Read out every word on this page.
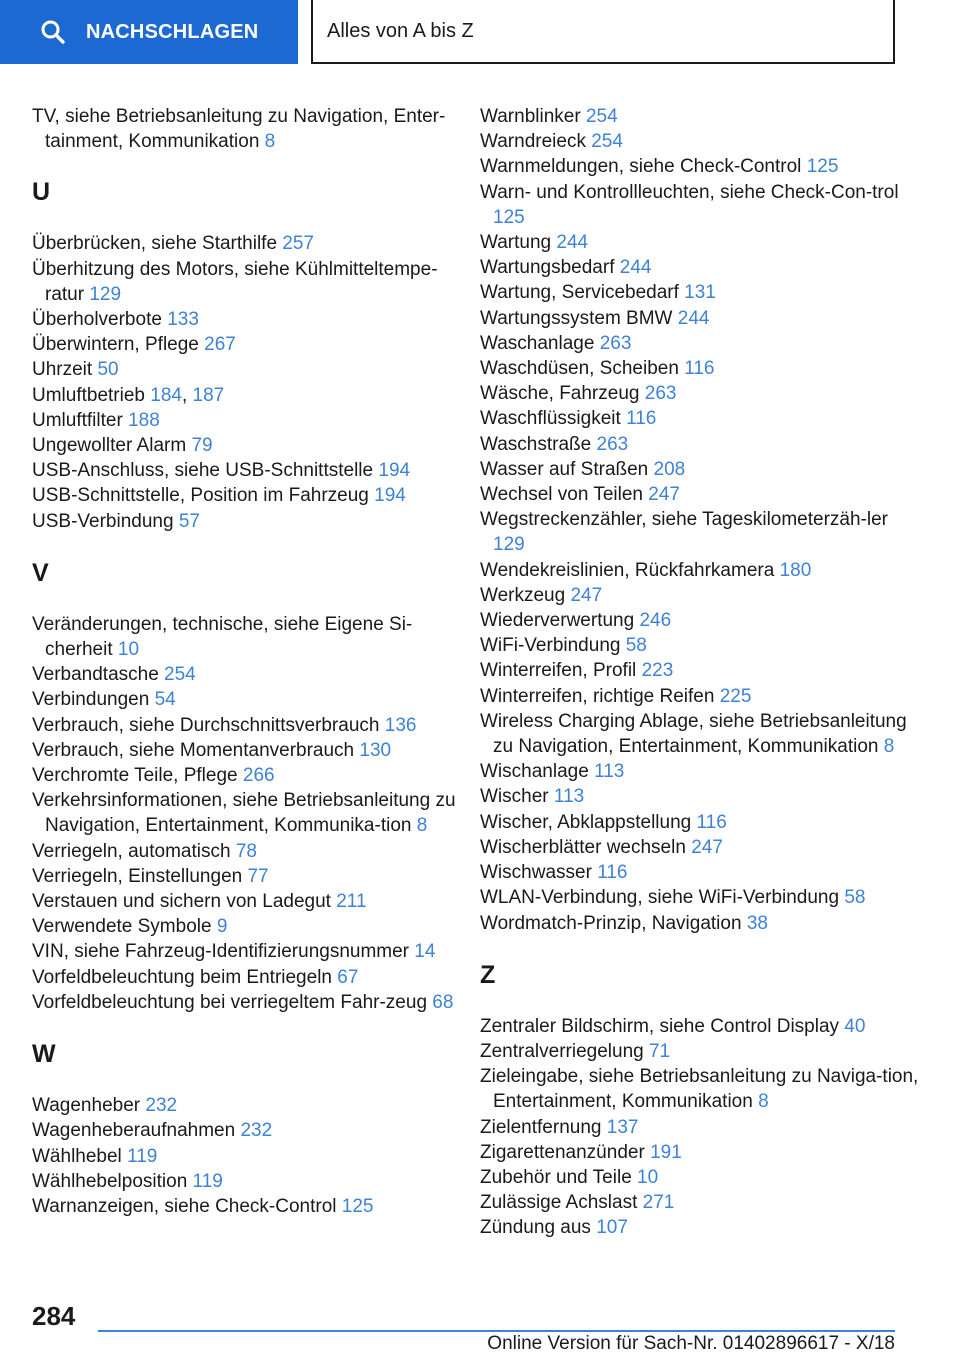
NACHSCHLAGEN	Alles von A bis Z
TV, siehe Betriebsanleitung zu Navigation, Enter-tainment, Kommunikation 8
U
Überbrücken, siehe Starthilfe 257
Überhitzung des Motors, siehe Kühlmitteltempe-ratur 129
Überholverbote 133
Überwintern, Pflege 267
Uhrzeit 50
Umluftbetrieb 184, 187
Umluftfilter 188
Ungewollter Alarm 79
USB-Anschluss, siehe USB-Schnittstelle 194
USB-Schnittstelle, Position im Fahrzeug 194
USB-Verbindung 57
V
Veränderungen, technische, siehe Eigene Si-cherheit 10
Verbandtasche 254
Verbindungen 54
Verbrauch, siehe Durchschnittsverbrauch 136
Verbrauch, siehe Momentanverbrauch 130
Verchromte Teile, Pflege 266
Verkehrsinformationen, siehe Betriebsanleitung zu Navigation, Entertainment, Kommunika-tion 8
Verriegeln, automatisch 78
Verriegeln, Einstellungen 77
Verstauen und sichern von Ladegut 211
Verwendete Symbole 9
VIN, siehe Fahrzeug-Identifizierungsnummer 14
Vorfeldbeleuchtung beim Entriegeln 67
Vorfeldbeleuchtung bei verriegeltem Fahr-zeug 68
W
Wagenheber 232
Wagenheberaufnahmen 232
Wählhebel 119
Wählhebelposition 119
Warnanzeigen, siehe Check-Control 125
Warnblinker 254
Warndreieck 254
Warnmeldungen, siehe Check-Control 125
Warn- und Kontrollleuchten, siehe Check-Con-trol 125
Wartung 244
Wartungsbedarf 244
Wartung, Servicebedarf 131
Wartungssystem BMW 244
Waschanlage 263
Waschdüsen, Scheiben 116
Wäsche, Fahrzeug 263
Waschflüssigkeit 116
Waschstraße 263
Wasser auf Straßen 208
Wechsel von Teilen 247
Wegstreckenzähler, siehe Tageskilometerzäh-ler 129
Wendekreislinien, Rückfahrkamera 180
Werkzeug 247
Wiederverwertung 246
WiFi-Verbindung 58
Winterreifen, Profil 223
Winterreifen, richtige Reifen 225
Wireless Charging Ablage, siehe Betriebsanleitung zu Navigation, Entertainment, Kommunikation 8
Wischanlage 113
Wischer 113
Wischer, Abklappstellung 116
Wischerblätter wechseln 247
Wischwasser 116
WLAN-Verbindung, siehe WiFi-Verbindung 58
Wordmatch-Prinzip, Navigation 38
Z
Zentraler Bildschirm, siehe Control Display 40
Zentralverriegelung 71
Zieleingabe, siehe Betriebsanleitung zu Naviga-tion, Entertainment, Kommunikation 8
Zielentfernung 137
Zigarettenanzünder 191
Zubehör und Teile 10
Zulässige Achslast 271
Zündung aus 107
284
Online Version für Sach-Nr. 01402896617 - X/18
